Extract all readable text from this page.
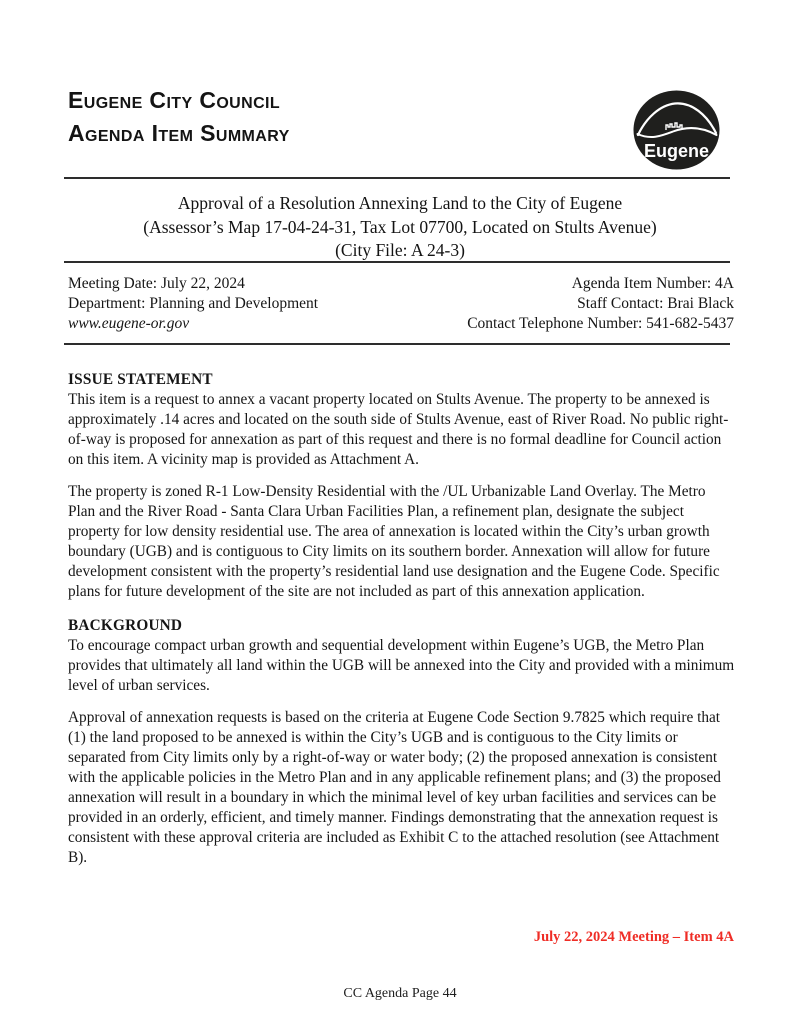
Eugene City Council
Agenda Item Summary
Eugene
Approval of a Resolution Annexing Land to the City of Eugene
(Assessor’s Map 17-04-24-31, Tax Lot 07700, Located on Stults Avenue)
(City File: A 24-3)
Meeting Date: July 22, 2024
Department: Planning and Development
www.eugene-or.gov
Agenda Item Number: 4A
Staff Contact: Brai Black
Contact Telephone Number: 541-682-5437
ISSUE STATEMENT

This item is a request to annex a vacant property located on Stults Avenue. The property to be annexed is approximately .14 acres and located on the south side of Stults Avenue, east of River Road. No public right-of-way is proposed for annexation as part of this request and there is no formal deadline for Council action on this item. A vicinity map is provided as Attachment A.

The property is zoned R-1 Low-Density Residential with the /UL Urbanizable Land Overlay. The Metro Plan and the River Road - Santa Clara Urban Facilities Plan, a refinement plan, designate the subject property for low density residential use. The area of annexation is located within the City’s urban growth boundary (UGB) and is contiguous to City limits on its southern border. Annexation will allow for future development consistent with the property’s residential land use designation and the Eugene Code. Specific plans for future development of the site are not included as part of this annexation application.

BACKGROUND

To encourage compact urban growth and sequential development within Eugene’s UGB, the Metro Plan provides that ultimately all land within the UGB will be annexed into the City and provided with a minimum level of urban services.

Approval of annexation requests is based on the criteria at Eugene Code Section 9.7825 which require that (1) the land proposed to be annexed is within the City’s UGB and is contiguous to the City limits or separated from City limits only by a right-of-way or water body; (2) the proposed annexation is consistent with the applicable policies in the Metro Plan and in any applicable refinement plans; and (3) the proposed annexation will result in a boundary in which the minimal level of key urban facilities and services can be provided in an orderly, efficient, and timely manner. Findings demonstrating that the annexation request is consistent with these approval criteria are included as Exhibit C to the attached resolution (see Attachment B).

July 22, 2024 Meeting – Item 4A
CC Agenda Page 44
